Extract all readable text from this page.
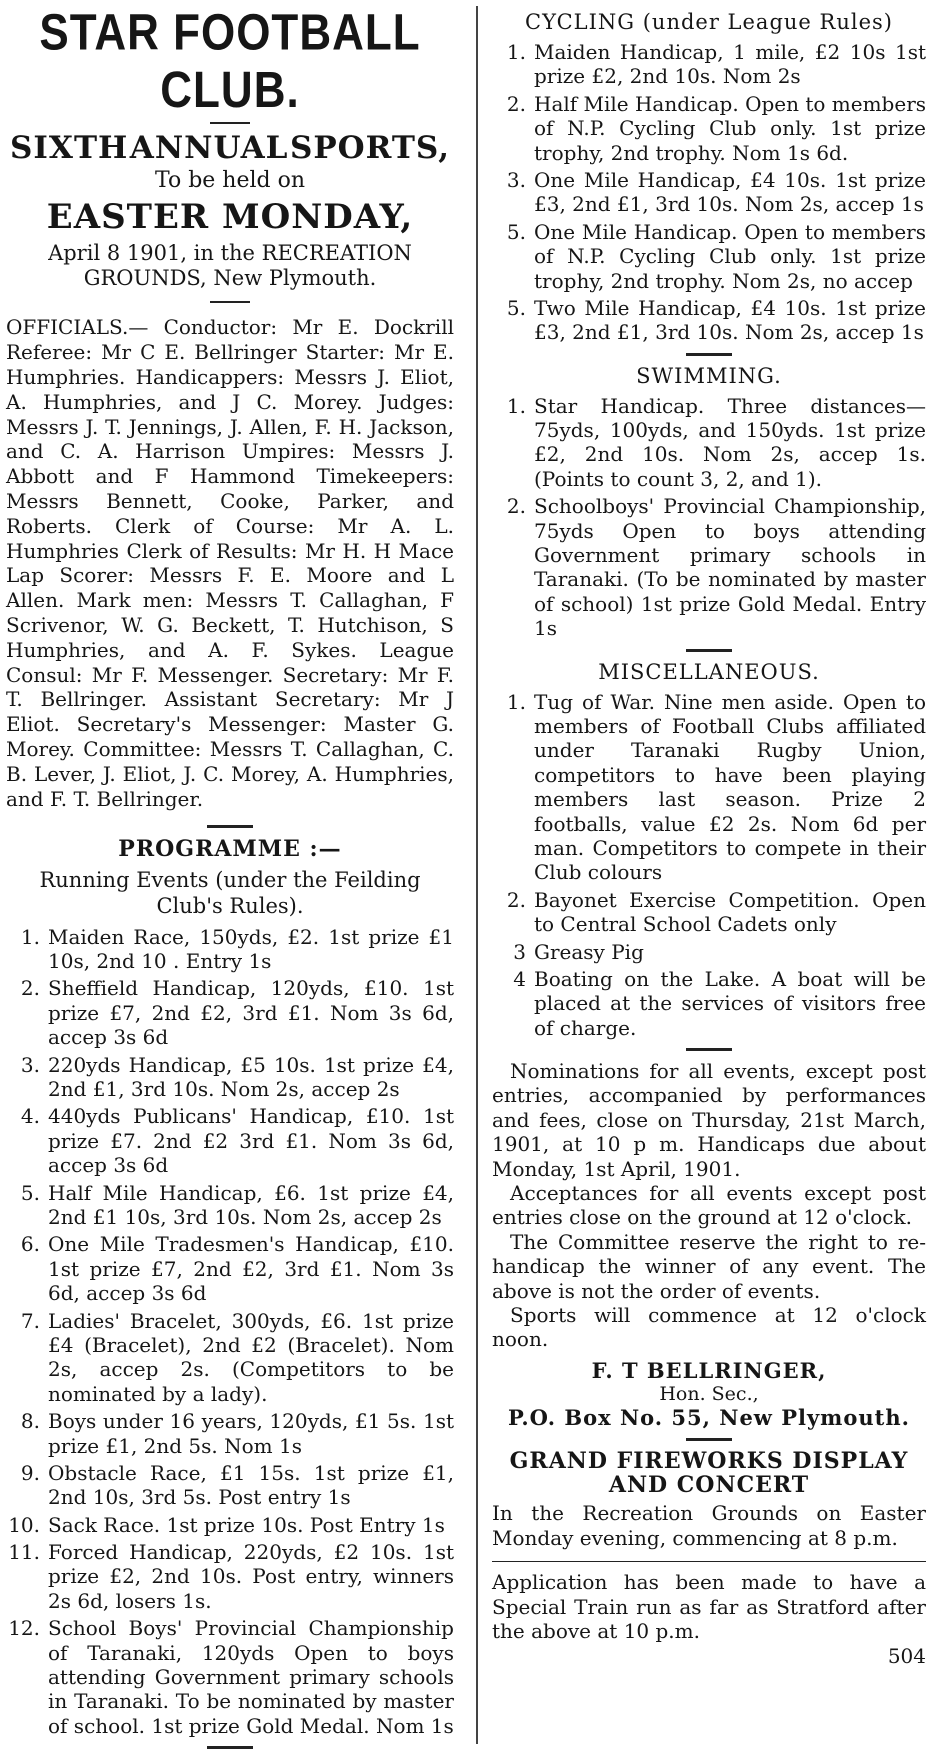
STAR FOOTBALL CLUB.
SIXTH ANNUAL SPORTS,
To be held on
EASTER MONDAY,
April 8 1901, in the RECREATION GROUNDS, New Plymouth.

OFFICIALS.— Conductor: Mr E. Dockrill Referee: Mr C E. Bellringer Starter: Mr E. Humphries. Handicappers: Messrs J. Eliot, A. Humphries, and J C. Morey. Judges: Messrs J. T. Jennings, J. Allen, F. H. Jackson, and C. A. Harrison Umpires: Messrs J. Abbott and F Hammond Timekeepers: Messrs Bennett, Cooke, Parker, and Roberts. Clerk of Course: Mr A. L. Humphries Clerk of Results: Mr H. H Mace Lap Scorer: Messrs F. E. Moore and L Allen. Mark men: Messrs T. Callaghan, F Scrivenor, W. G. Beckett, T. Hutchison, S Humphries, and A. F. Sykes. League Consul: Mr F. Messenger. Secretary: Mr F. T. Bellringer. Assistant Secretary: Mr J Eliot. Secretary's Messenger: Master G. Morey. Committee: Messrs T. Callaghan, C. B. Lever, J. Eliot, J. C. Morey, A. Humphries, and F. T. Bellringer.

PROGRAMME :—
Running Events (under the Feilding Club's Rules).
1. Maiden Race, 150yds, £2. 1st prize £1 10s, 2nd 10 . Entry 1s
2. Sheffield Handicap, 120yds, £10. 1st prize £7, 2nd £2, 3rd £1. Nom 3s 6d, accep 3s 6d
3. 220yds Handicap, £5 10s. 1st prize £4, 2nd £1, 3rd 10s. Nom 2s, accep 2s
4. 440yds Publicans' Handicap, £10. 1st prize £7. 2nd £2 3rd £1. Nom 3s 6d, accep 3s 6d
5. Half Mile Handicap, £6. 1st prize £4, 2nd £1 10s, 3rd 10s. Nom 2s, accep 2s
6. One Mile Tradesmen's Handicap, £10. 1st prize £7, 2nd £2, 3rd £1. Nom 3s 6d, accep 3s 6d
7. Ladies' Bracelet, 300yds, £6. 1st prize £4 (Bracelet), 2nd £2 (Bracelet). Nom 2s, accep 2s. (Competitors to be nominated by a lady).
8. Boys under 16 years, 120yds, £1 5s. 1st prize £1, 2nd 5s. Nom 1s
9. Obstacle Race, £1 15s. 1st prize £1, 2nd 10s, 3rd 5s. Post entry 1s
10. Sack Race. 1st prize 10s. Post Entry 1s
11. Forced Handicap, 220yds, £2 10s. 1st prize £2, 2nd 10s. Post entry, winners 2s 6d, losers 1s.
12. School Boys' Provincial Championship of Taranaki, 120yds Open to boys attending Government primary schools in Taranaki. To be nominated by master of school. 1st prize Gold Medal. Nom 1s
CYCLING (under League Rules)
1. Maiden Handicap, 1 mile, £2 10s 1st prize £2, 2nd 10s. Nom 2s
2. Half Mile Handicap. Open to members of N.P. Cycling Club only. 1st prize trophy, 2nd trophy. Nom 1s 6d.
3. One Mile Handicap, £4 10s. 1st prize £3, 2nd £1, 3rd 10s. Nom 2s, accep 1s
5. One Mile Handicap. Open to members of N.P. Cycling Club only. 1st prize trophy, 2nd trophy. Nom 2s, no accep
5. Two Mile Handicap, £4 10s. 1st prize £3, 2nd £1, 3rd 10s. Nom 2s, accep 1s
SWIMMING.
1. Star Handicap. Three distances— 75yds, 100yds, and 150yds. 1st prize £2, 2nd 10s. Nom 2s, accep 1s. (Points to count 3, 2, and 1).
2. Schoolboys' Provincial Championship, 75yds Open to boys attending Government primary schools in Taranaki. (To be nominated by master of school) 1st prize Gold Medal. Entry 1s
MISCELLANEOUS.
1. Tug of War. Nine men aside. Open to members of Football Clubs affiliated under Taranaki Rugby Union, competitors to have been playing members last season. Prize 2 footballs, value £2 2s. Nom 6d per man. Competitors to compete in their Club colours
2. Bayonet Exercise Competition. Open to Central School Cadets only
3 Greasy Pig
4 Boating on the Lake. A boat will be placed at the services of visitors free of charge.

Nominations for all events, except post entries, accompanied by performances and fees, close on Thursday, 21st March, 1901, at 10 p m. Handicaps due about Monday, 1st April, 1901.

Acceptances for all events except post entries close on the ground at 12 o'clock.

The Committee reserve the right to re-handicap the winner of any event. The above is not the order of events.

Sports will commence at 12 o'clock noon.

F. T BELLRINGER,
Hon. Sec.,
P.O. Box No. 55, New Plymouth.
GRAND FIREWORKS DISPLAY
AND CONCERT

In the Recreation Grounds on Easter Monday evening, commencing at 8 p.m.

Application has been made to have a Special Train run as far as Stratford after the above at 10 p.m.

504
